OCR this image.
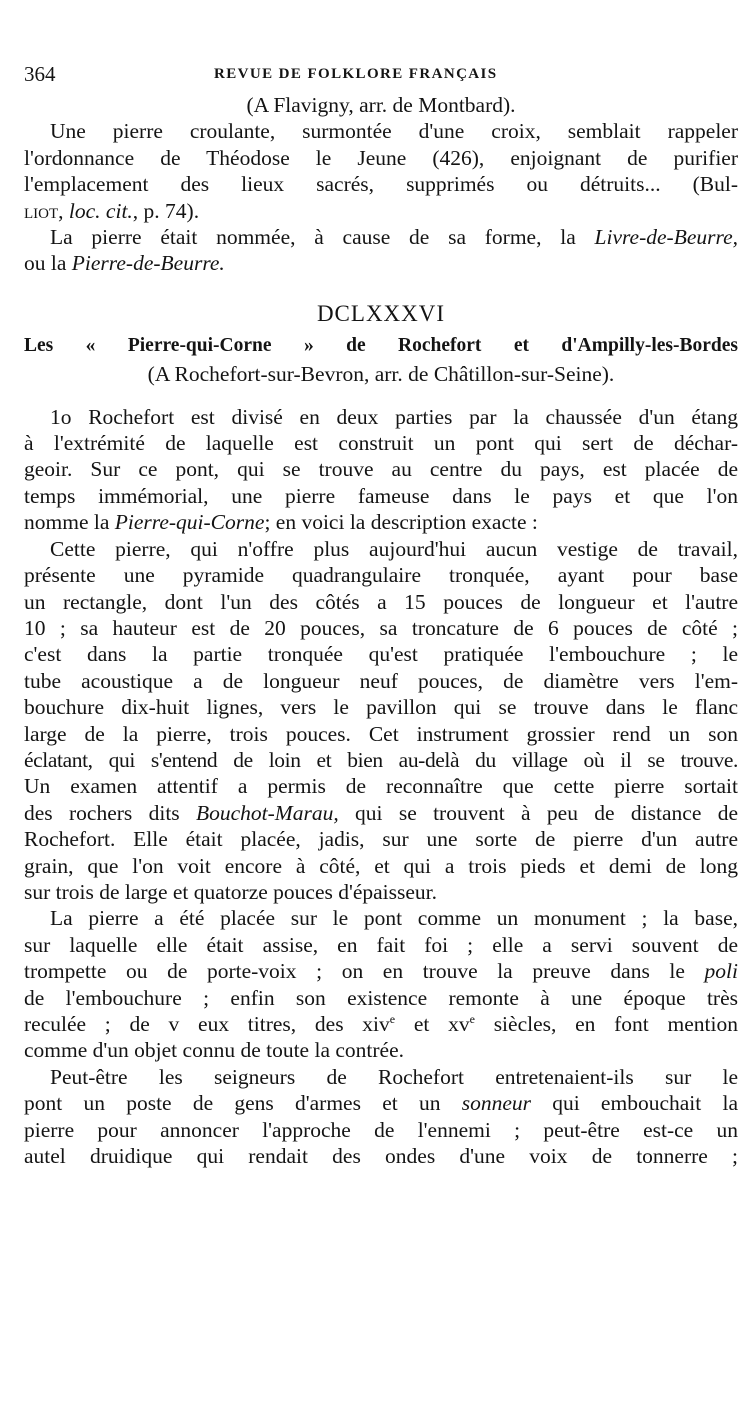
364	REVUE DE FOLKLORE FRANÇAIS
(A Flavigny, arr. de Montbard).
Une pierre croulante, surmontée d'une croix, semblait rappeler
l'ordonnance de Théodose le Jeune (426), enjoignant de purifier
l'emplacement des lieux sacrés, supprimés ou détruits... (Bul-
liot, loc. cit., p. 74).
La pierre était nommée, à cause de sa forme, la Livre-de-Beurre,
ou la Pierre-de-Beurre.
DCLXXXVI
Les « Pierre-qui-Corne » de Rochefort et d'Ampilly-les-Bordes
(A Rochefort-sur-Bevron, arr. de Châtillon-sur-Seine).
1o Rochefort est divisé en deux parties par la chaussée d'un étang
à l'extrémité de laquelle est construit un pont qui sert de déchar-
geoir. Sur ce pont, qui se trouve au centre du pays, est placée de
temps immémorial, une pierre fameuse dans le pays et que l'on
nomme la Pierre-qui-Corne; en voici la description exacte :
Cette pierre, qui n'offre plus aujourd'hui aucun vestige de travail,
présente une pyramide quadrangulaire tronquée, ayant pour base
un rectangle, dont l'un des côtés a 15 pouces de longueur et l'autre
10 ; sa hauteur est de 20 pouces, sa troncature de 6 pouces de côté ;
c'est dans la partie tronquée qu'est pratiquée l'embouchure ; le
tube acoustique a de longueur neuf pouces, de diamètre vers l'em-
bouchure dix-huit lignes, vers le pavillon qui se trouve dans le flanc
large de la pierre, trois pouces. Cet instrument grossier rend un son
éclatant, qui s'entend de loin et bien au-delà du village où il se trouve.
Un examen attentif a permis de reconnaître que cette pierre sortait
des rochers dits Bouchot-Marau, qui se trouvent à peu de distance de
Rochefort. Elle était placée, jadis, sur une sorte de pierre d'un autre
grain, que l'on voit encore à côté, et qui a trois pieds et demi de long
sur trois de large et quatorze pouces d'épaisseur.
La pierre a été placée sur le pont comme un monument ; la base,
sur laquelle elle était assise, en fait foi ; elle a servi souvent de
trompette ou de porte-voix ; on en trouve la preuve dans le poli
de l'embouchure ; enfin son existence remonte à une époque très
reculée ; de v eux titres, des xiv$^e$ et $xv^e$ siècles, en font mention
comme d'un objet connu de toute la contrée.
Peut-être les seigneurs de Rochefort entretenaient-ils sur le
pont un poste de gens d'armes et un sonneur qui embouchait la
pierre pour annoncer l'approche de l'ennemi ; peut-être est-ce un
autel druidique qui rendait des ondes d'une voix de tonnerre ;
